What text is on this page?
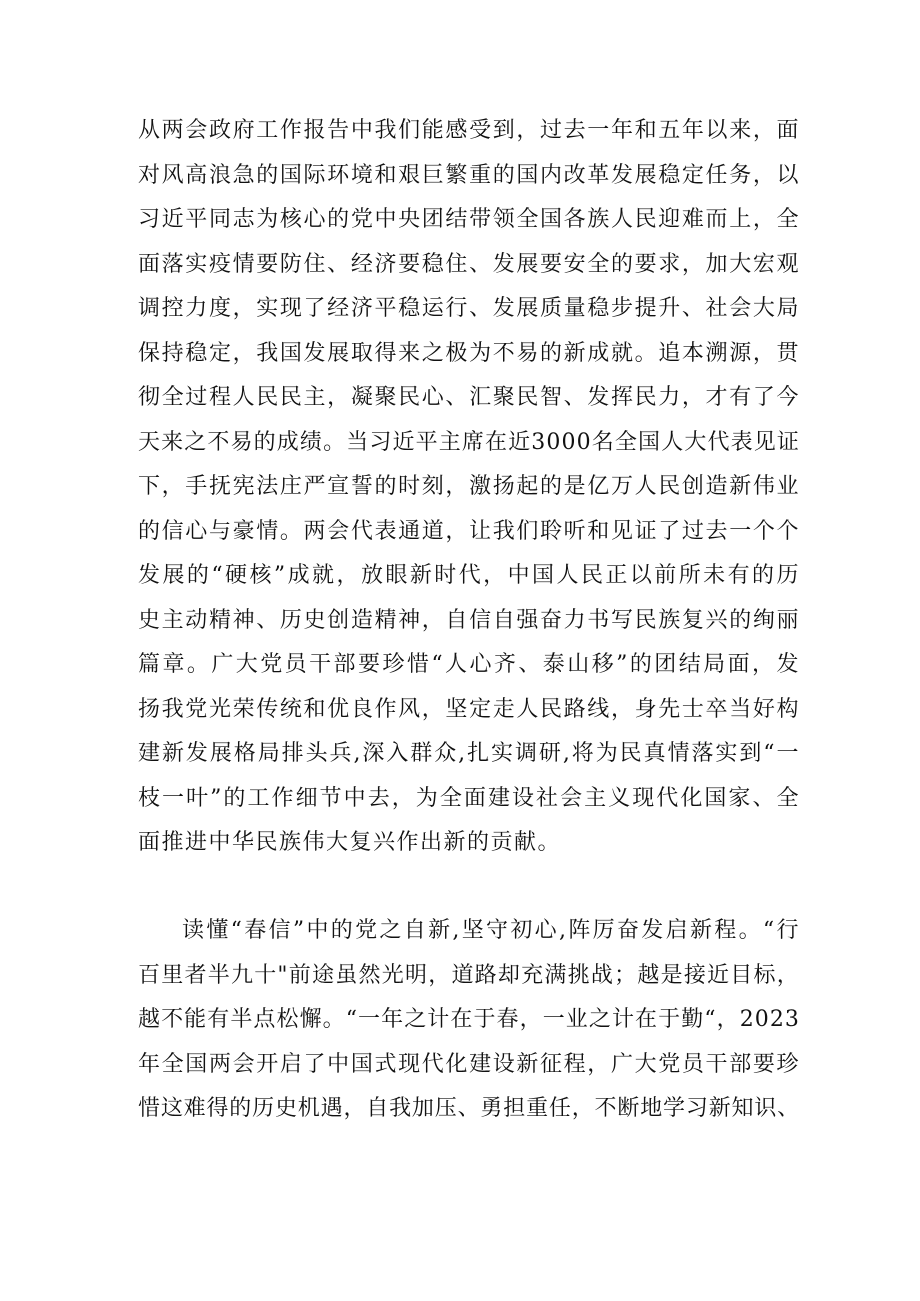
从两会政府工作报告中我们能感受到，过去一年和五年以来，面
对风高浪急的国际环境和艰巨繁重的国内改革发展稳定任务，以
习近平同志为核心的党中央团结带领全国各族人民迎难而上，全
面落实疫情要防住、经济要稳住、发展要安全的要求，加大宏观
调控力度，实现了经济平稳运行、发展质量稳步提升、社会大局
保持稳定，我国发展取得来之极为不易的新成就。追本溯源，贯
彻全过程人民民主，凝聚民心、汇聚民智、发挥民力，才有了今
天来之不易的成绩。当习近平主席在近3000名全国人大代表见证
下，手抚宪法庄严宣誓的时刻，激扬起的是亿万人民创造新伟业
的信心与豪情。两会代表通道，让我们聆听和见证了过去一个个
发展的“硬核”成就，放眼新时代，中国人民正以前所未有的历
史主动精神、历史创造精神，自信自强奋力书写民族复兴的绚丽
篇章。广大党员干部要珍惜“人心齐、泰山移”的团结局面，发
扬我党光荣传统和优良作风，坚定走人民路线，身先士卒当好构
建新发展格局排头兵,深入群众,扎实调研,将为民真情落实到“一
枝一叶”的工作细节中去，为全面建设社会主义现代化国家、全
面推进中华民族伟大复兴作出新的贡献。
读懂“春信”中的党之自新,坚守初心,阵厉奋发启新程。“行
百里者半九十"前途虽然光明，道路却充满挑战；越是接近目标，
越不能有半点松懈。“一年之计在于春，一业之计在于勤“，2023
年全国两会开启了中国式现代化建设新征程，广大党员干部要珍
惜这难得的历史机遇，自我加压、勇担重任，不断地学习新知识、
